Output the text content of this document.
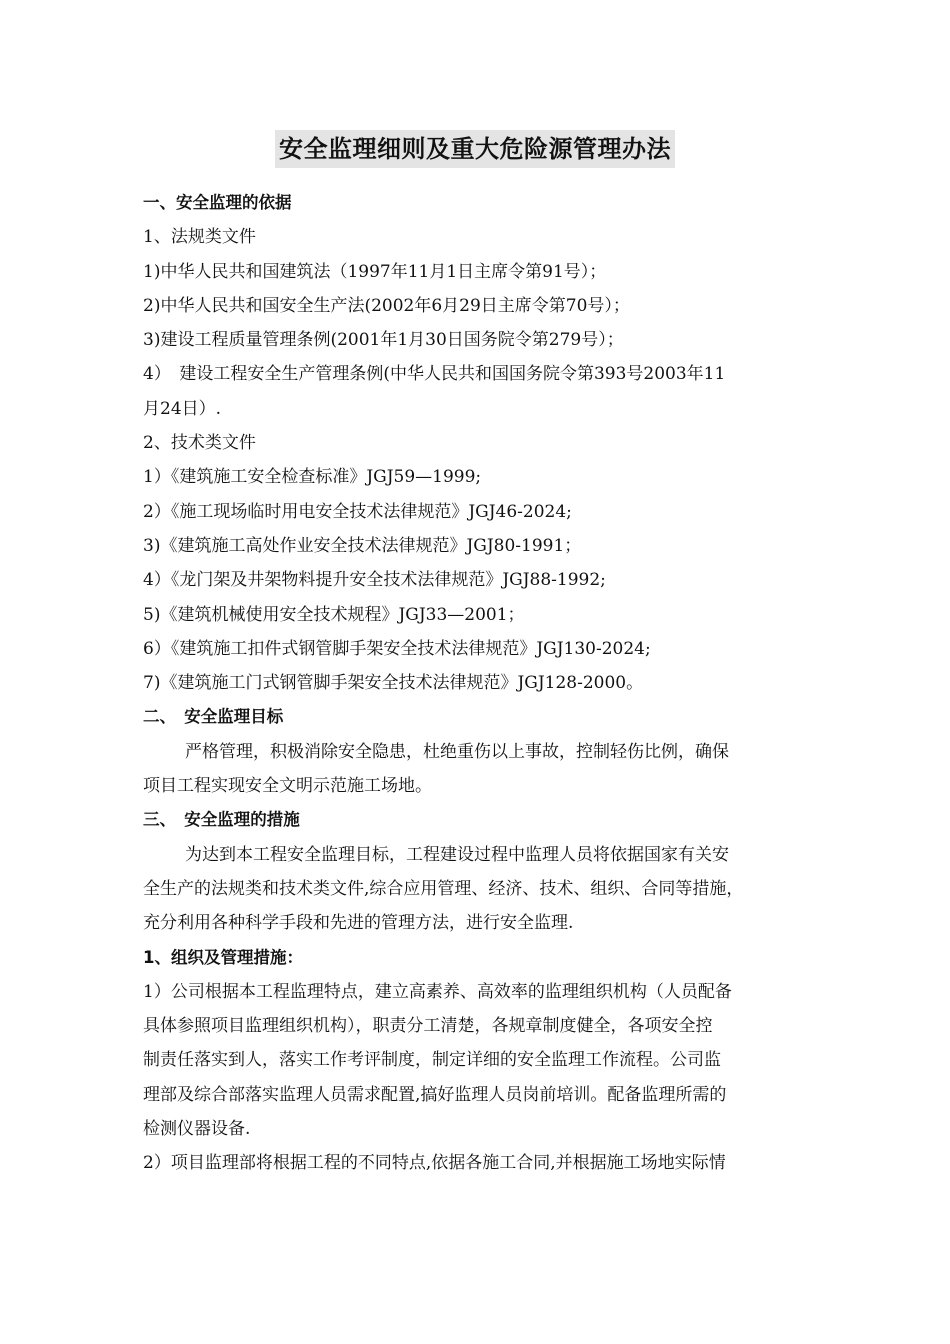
安全监理细则及重大危险源管理办法
一、安全监理的依据
1、法规类文件
1)中华人民共和国建筑法（1997年11月1日主席令第91号）；
2)中华人民共和国安全生产法(2002年6月29日主席令第70号）；
3)建设工程质量管理条例(2001年1月30日国务院令第279号）；
4）　建设工程安全生产管理条例(中华人民共和国国务院令第393号2003年11
月24日）.
2、技术类文件
1）《建筑施工安全检查标准》JGJ59—1999;
2）《施工现场临时用电安全技术法律规范》JGJ46-2024;
3)《建筑施工高处作业安全技术法律规范》JGJ80-1991；
4）《龙门架及井架物料提升安全技术法律规范》JGJ88-1992;
5)《建筑机械使用安全技术规程》JGJ33—2001；
6）《建筑施工扣件式钢管脚手架安全技术法律规范》JGJ130-2024;
7)《建筑施工门式钢管脚手架安全技术法律规范》JGJ128-2000。
二、　安全监理目标
严格管理，积极消除安全隐患，杜绝重伤以上事故，控制轻伤比例，确保
项目工程实现安全文明示范施工场地。
三、　安全监理的措施
为达到本工程安全监理目标，工程建设过程中监理人员将依据国家有关安
全生产的法规类和技术类文件,综合应用管理、经济、技术、组织、合同等措施，
充分利用各种科学手段和先进的管理方法，进行安全监理.
1、组织及管理措施：
1）公司根据本工程监理特点，建立高素养、高效率的监理组织机构（人员配备
具体参照项目监理组织机构），职责分工清楚，各规章制度健全，各项安全控
制责任落实到人，落实工作考评制度，制定详细的安全监理工作流程。公司监
理部及综合部落实监理人员需求配置,搞好监理人员岗前培训。配备监理所需的
检测仪器设备.
2）项目监理部将根据工程的不同特点,依据各施工合同,并根据施工场地实际情
